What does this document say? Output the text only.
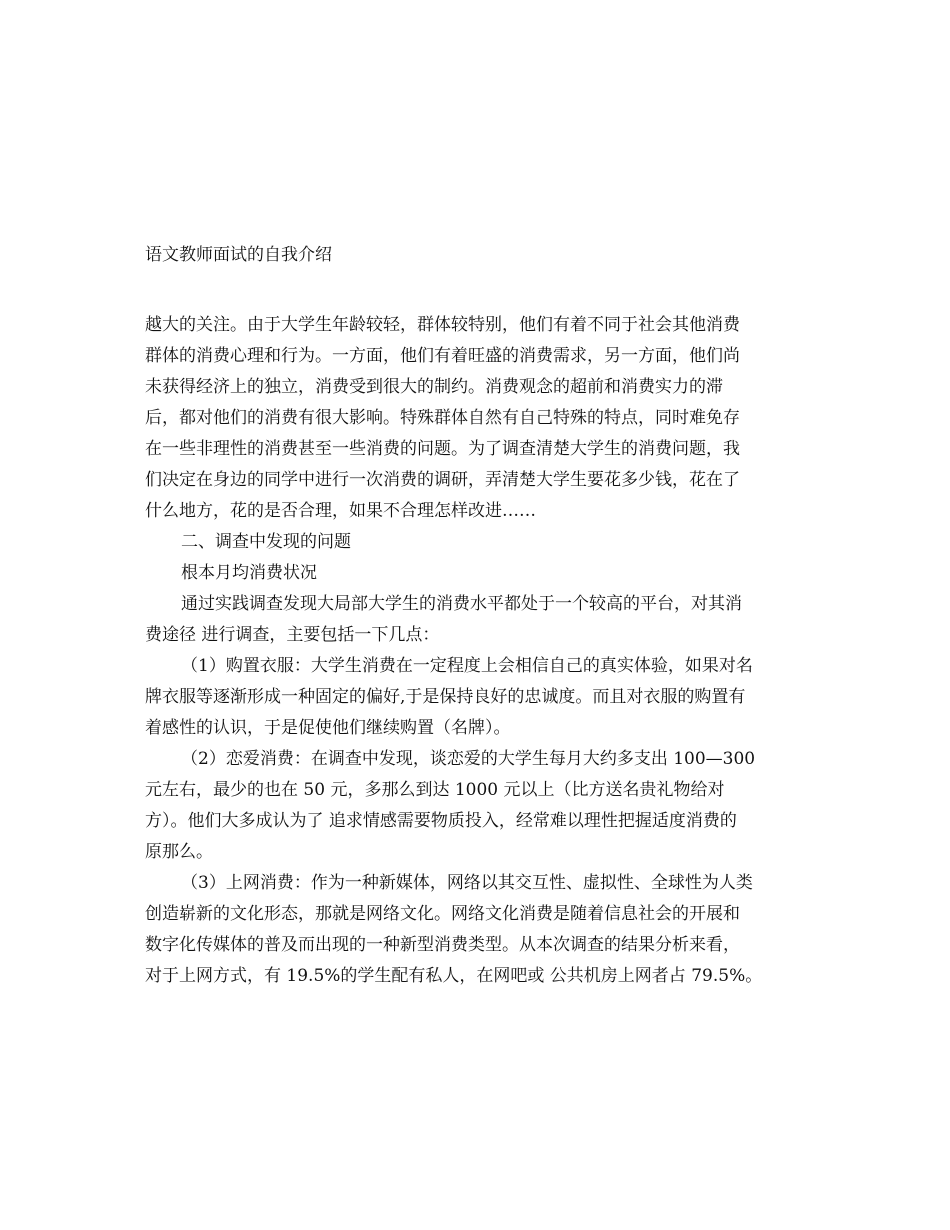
语文教师面试的自我介绍
越大的关注。由于大学生年龄较轻，群体较特别，他们有着不同于社会其他消费
群体的消费心理和行为。一方面，他们有着旺盛的消费需求，另一方面，他们尚
未获得经济上的独立，消费受到很大的制约。消费观念的超前和消费实力的滞
后，都对他们的消费有很大影响。特殊群体自然有自己特殊的特点，同时难免存
在一些非理性的消费甚至一些消费的问题。为了调查清楚大学生的消费问题，我
们决定在身边的同学中进行一次消费的调研，弄清楚大学生要花多少钱，花在了
什么地方，花的是否合理，如果不合理怎样改进……
二、调查中发现的问题
根本月均消费状况
通过实践调查发现大局部大学生的消费水平都处于一个较高的平台，对其消
费途径 进行调查，主要包括一下几点：
（1）购置衣服：大学生消费在一定程度上会相信自己的真实体验，如果对名
牌衣服等逐渐形成一种固定的偏好,于是保持良好的忠诚度。而且对衣服的购置有
着感性的认识，于是促使他们继续购置（名牌）。
（2）恋爱消费：在调查中发现，谈恋爱的大学生每月大约多支出 100—300
元左右，最少的也在 50 元，多那么到达 1000 元以上（比方送名贵礼物给对
方）。他们大多成认为了 追求情感需要物质投入，经常难以理性把握适度消费的
原那么。
（3）上网消费：作为一种新媒体，网络以其交互性、虚拟性、全球性为人类
创造崭新的文化形态，那就是网络文化。网络文化消费是随着信息社会的开展和
数字化传媒体的普及而出现的一种新型消费类型。从本次调查的结果分析来看，
对于上网方式，有 19.5%的学生配有私人，在网吧或 公共机房上网者占 79.5%。
